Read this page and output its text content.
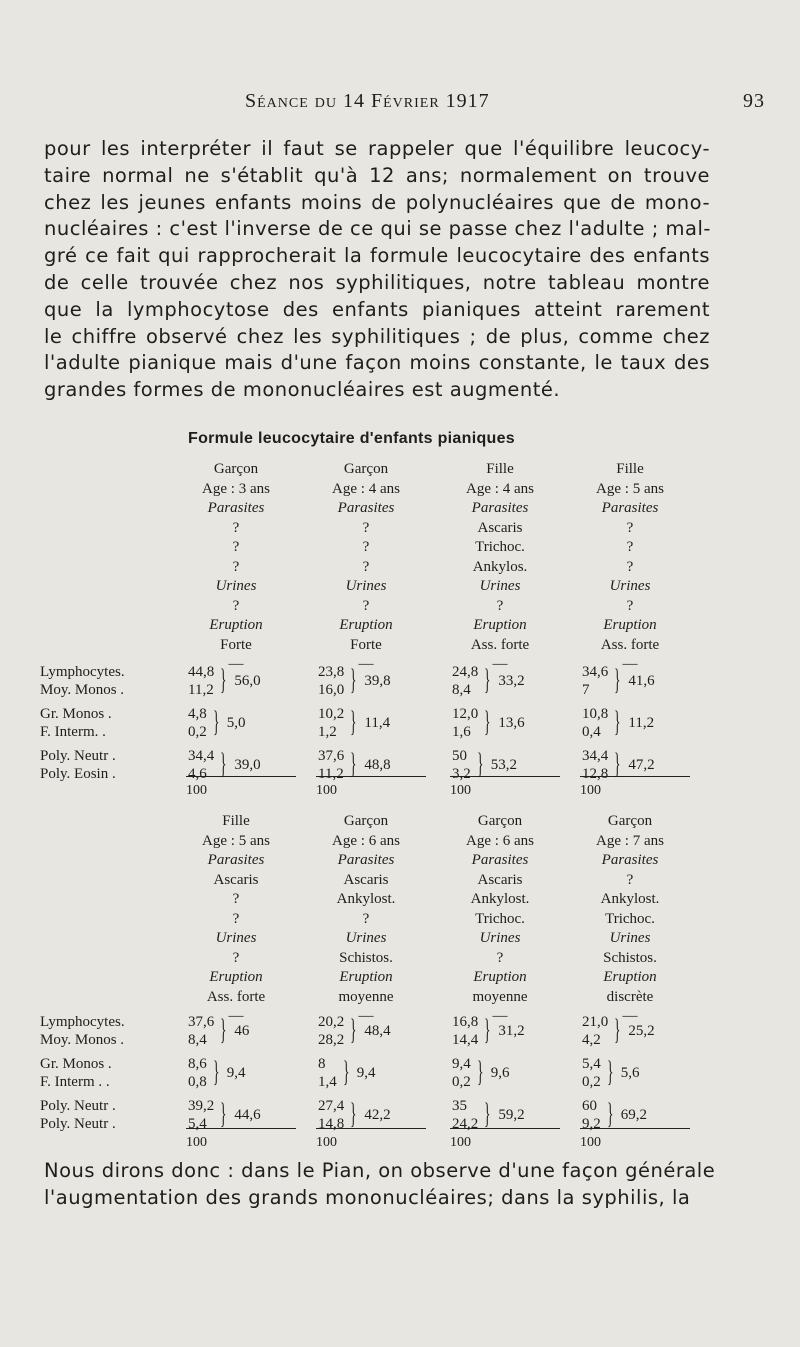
Séance du 14 Février 1917	93
pour les interpréter il faut se rappeler que l'équilibre leucocy-
taire normal ne s'établit qu'à 12 ans; normalement on trouve
chez les jeunes enfants moins de polynucléaires que de mono-
nucléaires : c'est l'inverse de ce qui se passe chez l'adulte ; mal-
gré ce fait qui rapprocherait la formule leucocytaire des enfants
de celle trouvée chez nos syphilitiques, notre tableau montre
que la lymphocytose des enfants pianiques atteint rarement
le chiffre observé chez les syphilitiques ; de plus, comme chez
l'adulte pianique mais d'une façon moins constante, le taux des
grandes formes de mononucléaires est augmenté.
Formule leucocytaire d'enfants pianiques
Lymphocytes.
Moy. Monos .
Gr. Monos .
F. Interm. .
Poly. Neutr .
Poly. Eosin .
Garçon
Age : 3 ans
Parasites
?
?
?
Urines
?
Eruption
Forte
—
44,8
11,2 } 56,0
4,8
0,2 } 5,0
34,4
4,6 } 39,0
100
Garçon
Age : 4 ans
Parasites
?
?
?
Urines
?
Eruption
Forte
—
23,8
16,0 } 39,8
10,2
1,2 } 11,4
37,6
11,2 } 48,8
100
Fille
Age : 4 ans
Parasites
Ascaris
Trichoc.
Ankylos.
Urines
?
Eruption
Ass. forte
—
24,8
8,4 } 33,2
12,0
1,6 } 13,6
50
3,2 } 53,2
100
Fille
Age : 5 ans
Parasites
?
?
?
Urines
?
Eruption
Ass. forte
—
34,6
7 } 41,6
10,8
0,4 } 11,2
34,4
12,8 } 47,2
100
Lymphocytes.
Moy. Monos .
Gr. Monos .
F. Interm . .
Poly. Neutr .
Poly. Neutr .
Fille
Age : 5 ans
Parasites
Ascaris
?
?
Urines
?
Eruption
Ass. forte
—
37,6
8,4 } 46
8,6
0,8 } 9,4
39,2
5,4 } 44,6
100
Garçon
Age : 6 ans
Parasites
Ascaris
Ankylost.
?
Urines
Schistos.
Eruption
moyenne
—
20,2
28,2 } 48,4
8
1,4 } 9,4
27,4
14,8 } 42,2
100
Garçon
Age : 6 ans
Parasites
Ascaris
Ankylost.
Trichoc.
Urines
?
Eruption
moyenne
—
16,8
14,4 } 31,2
9,4
0,2 } 9,6
35
24,2 } 59,2
100
Garçon
Age : 7 ans
Parasites
?
Ankylost.
Trichoc.
Urines
Schistos.
Eruption
discrète
—
21,0
4,2 } 25,2
5,4
0,2 } 5,6
60
9,2 } 69,2
100
Nous dirons donc : dans le Pian, on observe d'une façon générale
l'augmentation des grands mononucléaires; dans la syphilis, la
